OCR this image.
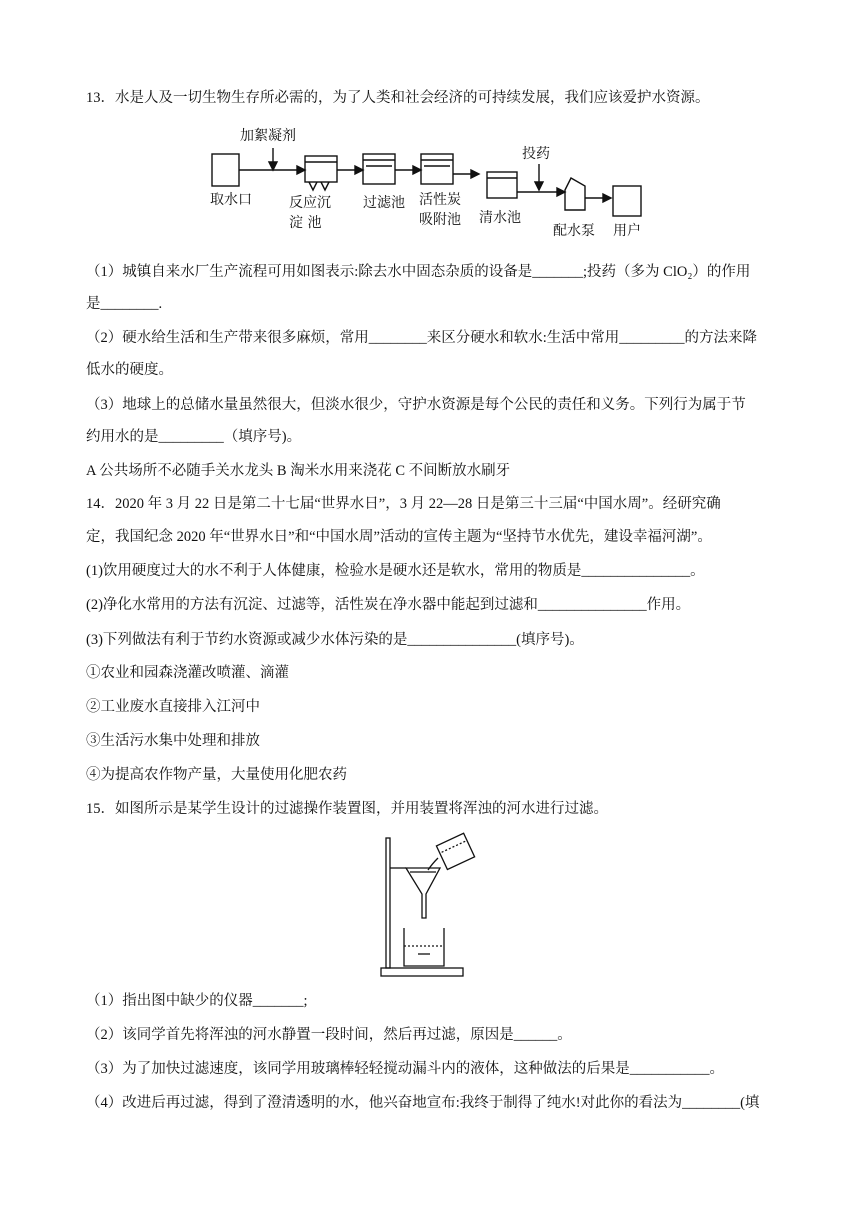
13．水是人及一切生物生存所必需的，为了人类和社会经济的可持续发展，我们应该爱护水资源。
加絮凝剂
投药
取水口	反应沉
淀 池
过滤池 活性炭
吸附池 清水池
配水泵 用户
（1）城镇自来水厂生产流程可用如图表示:除去水中固态杂质的设备是_______;投药（多为 ClO₂）的作用
是________.
（2）硬水给生活和生产带来很多麻烦，常用________来区分硬水和软水:生活中常用_________的方法来降
低水的硬度。
（3）地球上的总储水量虽然很大，但淡水很少，守护水资源是每个公民的责任和义务。下列行为属于节
约用水的是_________（填序号)。
A 公共场所不必随手关水龙头 B 淘米水用来浇花 C 不间断放水刷牙
14．2020 年 3 月 22 日是第二十七届“世界水日”，3 月 22—28 日是第三十三届“中国水周”。经研究确
定，我国纪念 2020 年“世界水日”和“中国水周”活动的宣传主题为“坚持节水优先，建设幸福河湖”。
(1)饮用硬度过大的水不利于人体健康，检验水是硬水还是软水，常用的物质是_______________。
(2)净化水常用的方法有沉淀、过滤等，活性炭在净水器中能起到过滤和_______________作用。
(3)下列做法有利于节约水资源或减少水体污染的是_______________(填序号)。
①农业和园森浇灌改喷灌、滴灌
②工业废水直接排入江河中
③生活污水集中处理和排放
④为提高农作物产量，大量使用化肥农药
15．如图所示是某学生设计的过滤操作装置图，并用装置将浑浊的河水进行过滤。
（1）指出图中缺少的仪器_______;
（2）该同学首先将浑浊的河水静置一段时间，然后再过滤，原因是______。
（3）为了加快过滤速度，该同学用玻璃棒轻轻搅动漏斗内的液体，这种做法的后果是___________。
（4）改进后再过滤，得到了澄清透明的水，他兴奋地宣布:我终于制得了纯水!对此你的看法为________(填
